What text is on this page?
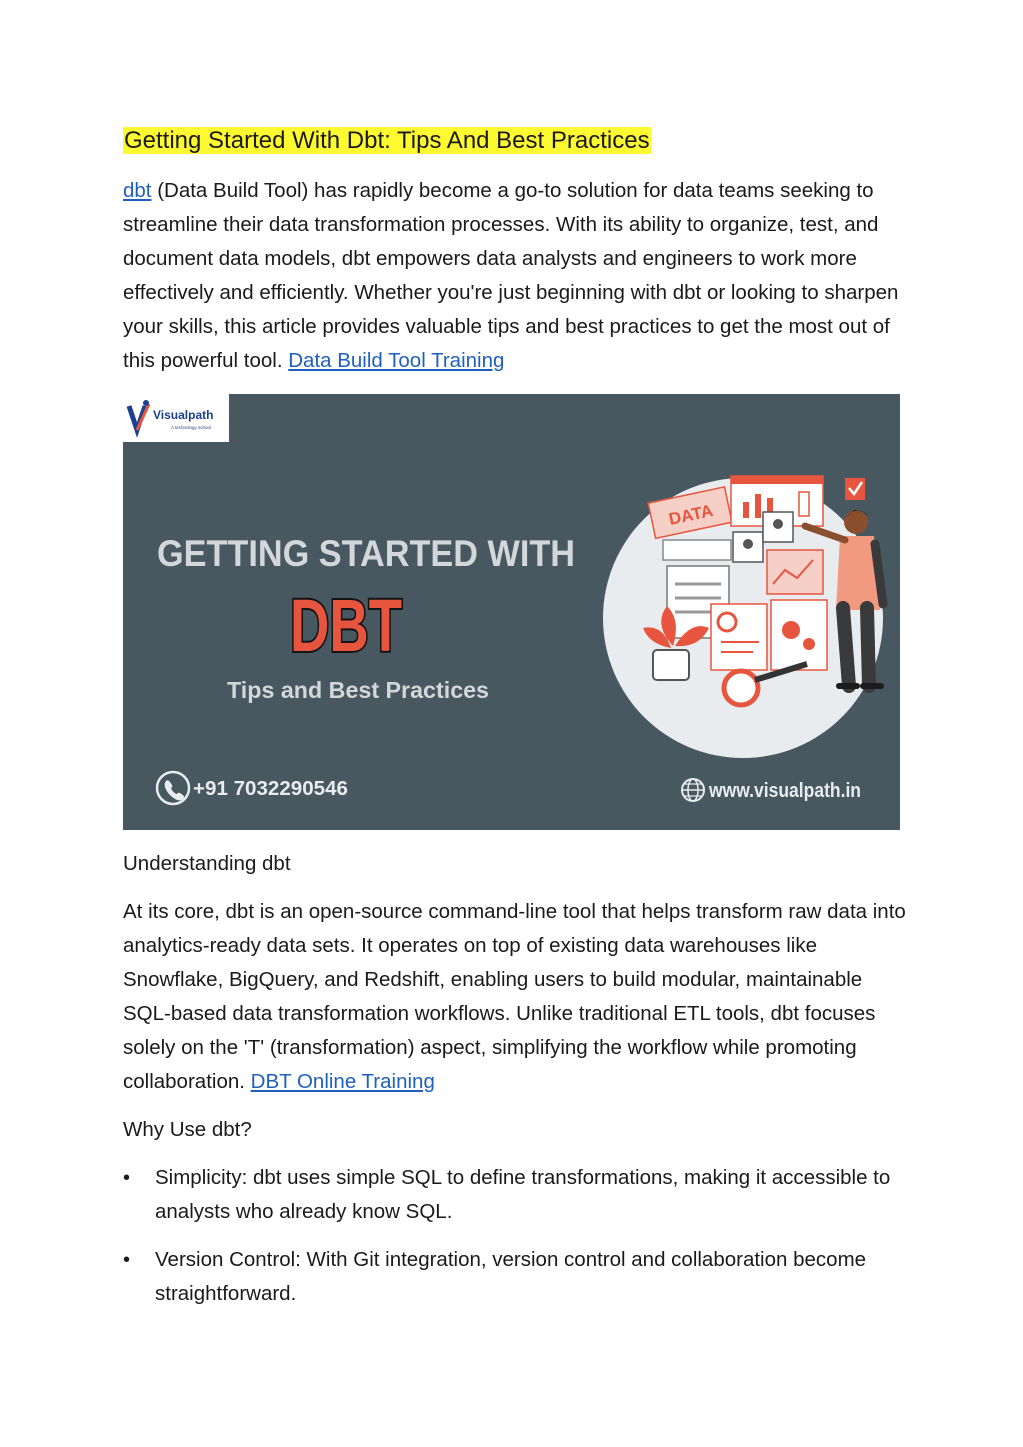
Getting Started With Dbt: Tips And Best Practices

dbt (Data Build Tool) has rapidly become a go-to solution for data teams seeking to streamline their data transformation processes. With its ability to organize, test, and document data models, dbt empowers data analysts and engineers to work more effectively and efficiently. Whether you're just beginning with dbt or looking to sharpen your skills, this article provides valuable tips and best practices to get the most out of this powerful tool. Data Build Tool Training

Visualpath
A technology school
GETTING STARTED WITH
DBT
Tips and Best Practices
+91 7032290546	www.visualpath.in
DATA
Understanding dbt

At its core, dbt is an open-source command-line tool that helps transform raw data into analytics-ready data sets. It operates on top of existing data warehouses like Snowflake, BigQuery, and Redshift, enabling users to build modular, maintainable SQL-based data transformation workflows. Unlike traditional ETL tools, dbt focuses solely on the 'T' (transformation) aspect, simplifying the workflow while promoting collaboration. DBT Online Training

Why Use dbt?
•
Simplicity: dbt uses simple SQL to define transformations, making it accessible to analysts who already know SQL.
•
Version Control: With Git integration, version control and collaboration become straightforward.
